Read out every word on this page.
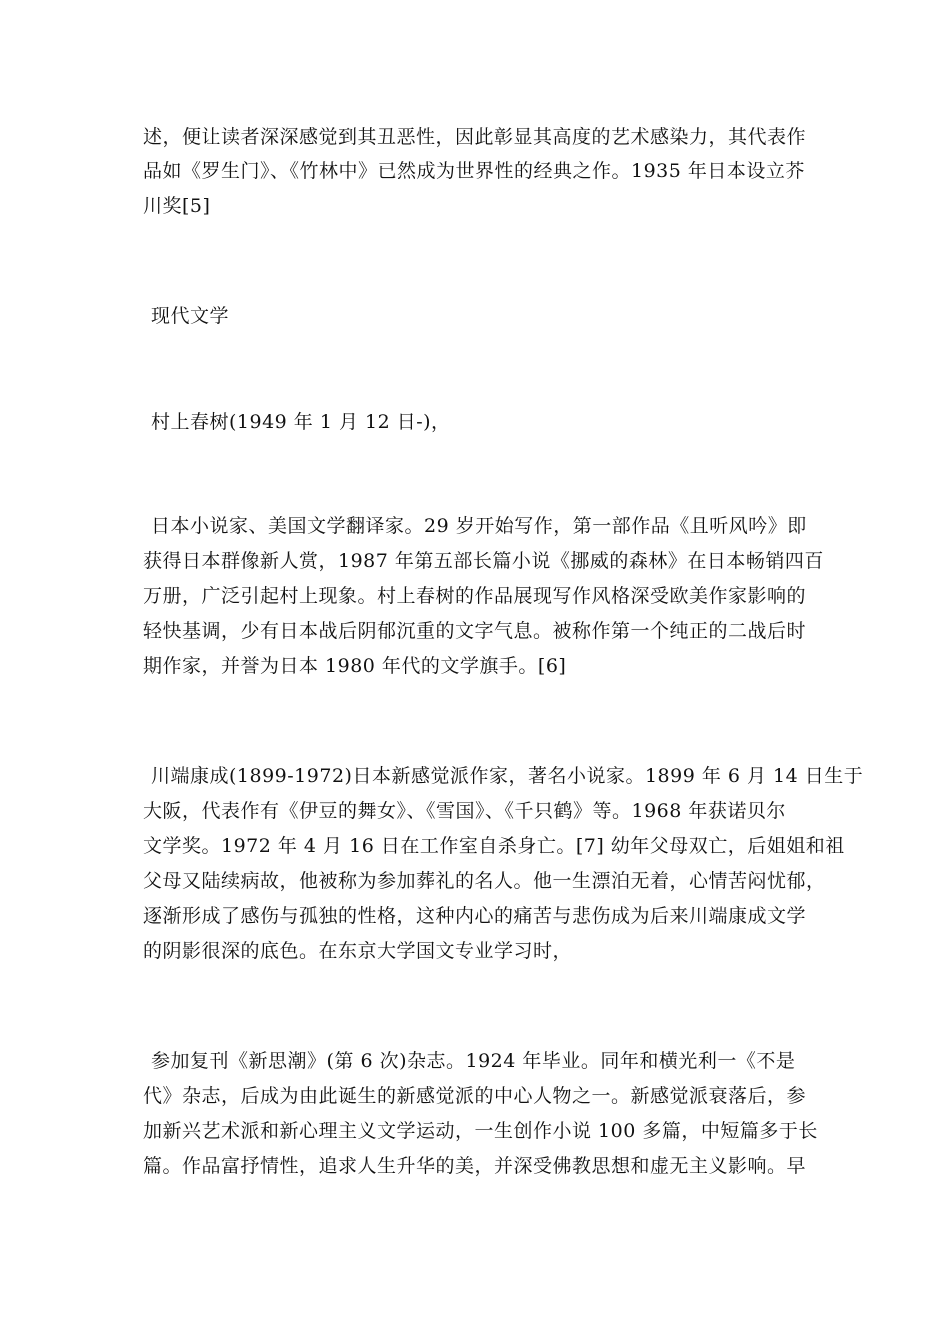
述，便让读者深深感觉到其丑恶性，因此彰显其高度的艺术感染力，其代表作
品如《罗生门》、《竹林中》已然成为世界性的经典之作。1935 年日本设立芥
川奖[5]
现代文学
村上春树(1949 年 1 月 12 日-)，
日本小说家、美国文学翻译家。29 岁开始写作，第一部作品《且听风吟》即
获得日本群像新人赏，1987 年第五部长篇小说《挪威的森林》在日本畅销四百
万册，广泛引起村上现象。村上春树的作品展现写作风格深受欧美作家影响的
轻快基调，少有日本战后阴郁沉重的文字气息。被称作第一个纯正的二战后时
期作家，并誉为日本 1980 年代的文学旗手。[6]
川端康成(1899-1972)日本新感觉派作家，著名小说家。1899 年 6 月 14 日生于
大阪，代表作有《伊豆的舞女》、《雪国》、《千只鹤》等。1968 年获诺贝尔
文学奖。1972 年 4 月 16 日在工作室自杀身亡。[7] 幼年父母双亡，后姐姐和祖
父母又陆续病故，他被称为参加葬礼的名人。他一生漂泊无着，心情苦闷忧郁，
逐渐形成了感伤与孤独的性格，这种内心的痛苦与悲伤成为后来川端康成文学
的阴影很深的底色。在东京大学国文专业学习时，
参加复刊《新思潮》(第 6 次)杂志。1924 年毕业。同年和横光利一《不是
代》杂志，后成为由此诞生的新感觉派的中心人物之一。新感觉派衰落后，参
加新兴艺术派和新心理主义文学运动，一生创作小说 100 多篇，中短篇多于长
篇。作品富抒情性，追求人生升华的美，并深受佛教思想和虚无主义影响。早
